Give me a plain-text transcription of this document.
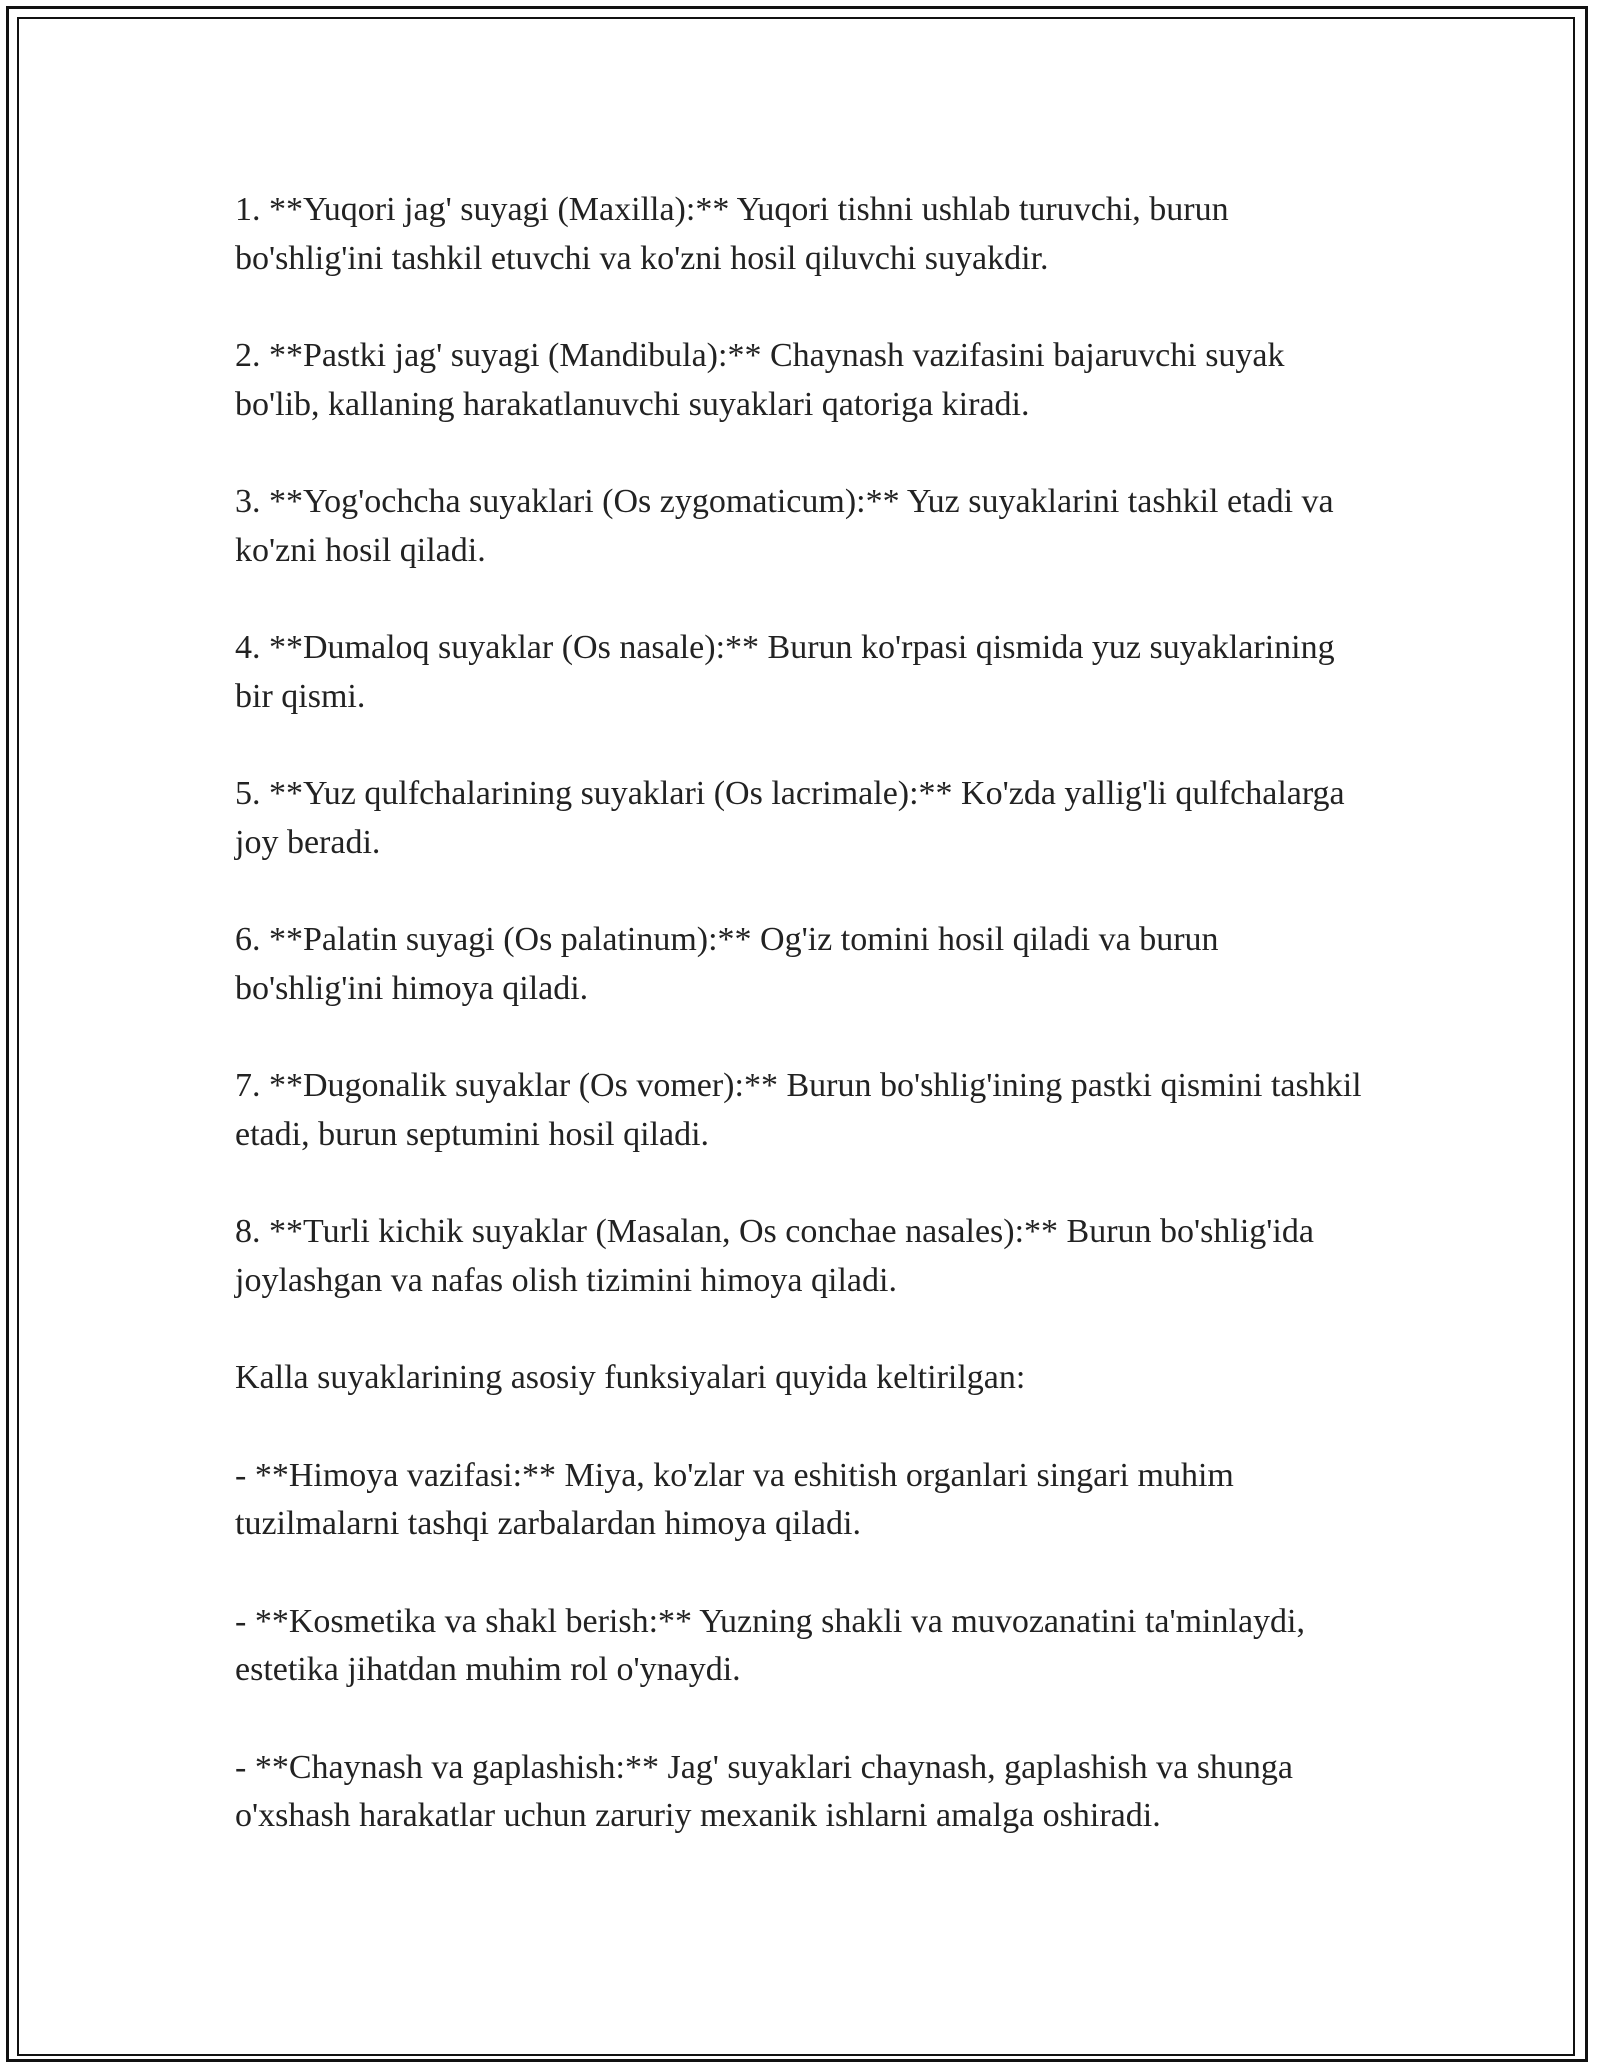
1. **Yuqori jag' suyagi (Maxilla):** Yuqori tishni ushlab turuvchi, burun bo'shlig'ini tashkil etuvchi va ko'zni hosil qiluvchi suyakdir.

2. **Pastki jag' suyagi (Mandibula):** Chaynash vazifasini bajaruvchi suyak bo'lib, kallaning harakatlanuvchi suyaklari qatoriga kiradi.

3. **Yog'ochcha suyaklari (Os zygomaticum):** Yuz suyaklarini tashkil etadi va ko'zni hosil qiladi.

4. **Dumaloq suyaklar (Os nasale):** Burun ko'rpasi qismida yuz suyaklarining bir qismi.

5. **Yuz qulfchalarining suyaklari (Os lacrimale):** Ko'zda yallig'li qulfchalarga joy beradi.

6. **Palatin suyagi (Os palatinum):** Og'iz tomini hosil qiladi va burun bo'shlig'ini himoya qiladi.

7. **Dugonalik suyaklar (Os vomer):** Burun bo'shlig'ining pastki qismini tashkil etadi, burun septumini hosil qiladi.

8. **Turli kichik suyaklar (Masalan, Os conchae nasales):** Burun bo'shlig'ida joylashgan va nafas olish tizimini himoya qiladi.

Kalla suyaklarining asosiy funksiyalari quyida keltirilgan:

- **Himoya vazifasi:** Miya, ko'zlar va eshitish organlari singari muhim tuzilmalarni tashqi zarbalardan himoya qiladi.

- **Kosmetika va shakl berish:** Yuzning shakli va muvozanatini ta'minlaydi, estetika jihatdan muhim rol o'ynaydi.

- **Chaynash va gaplashish:** Jag' suyaklari chaynash, gaplashish va shunga o'xshash harakatlar uchun zaruriy mexanik ishlarni amalga oshiradi.
